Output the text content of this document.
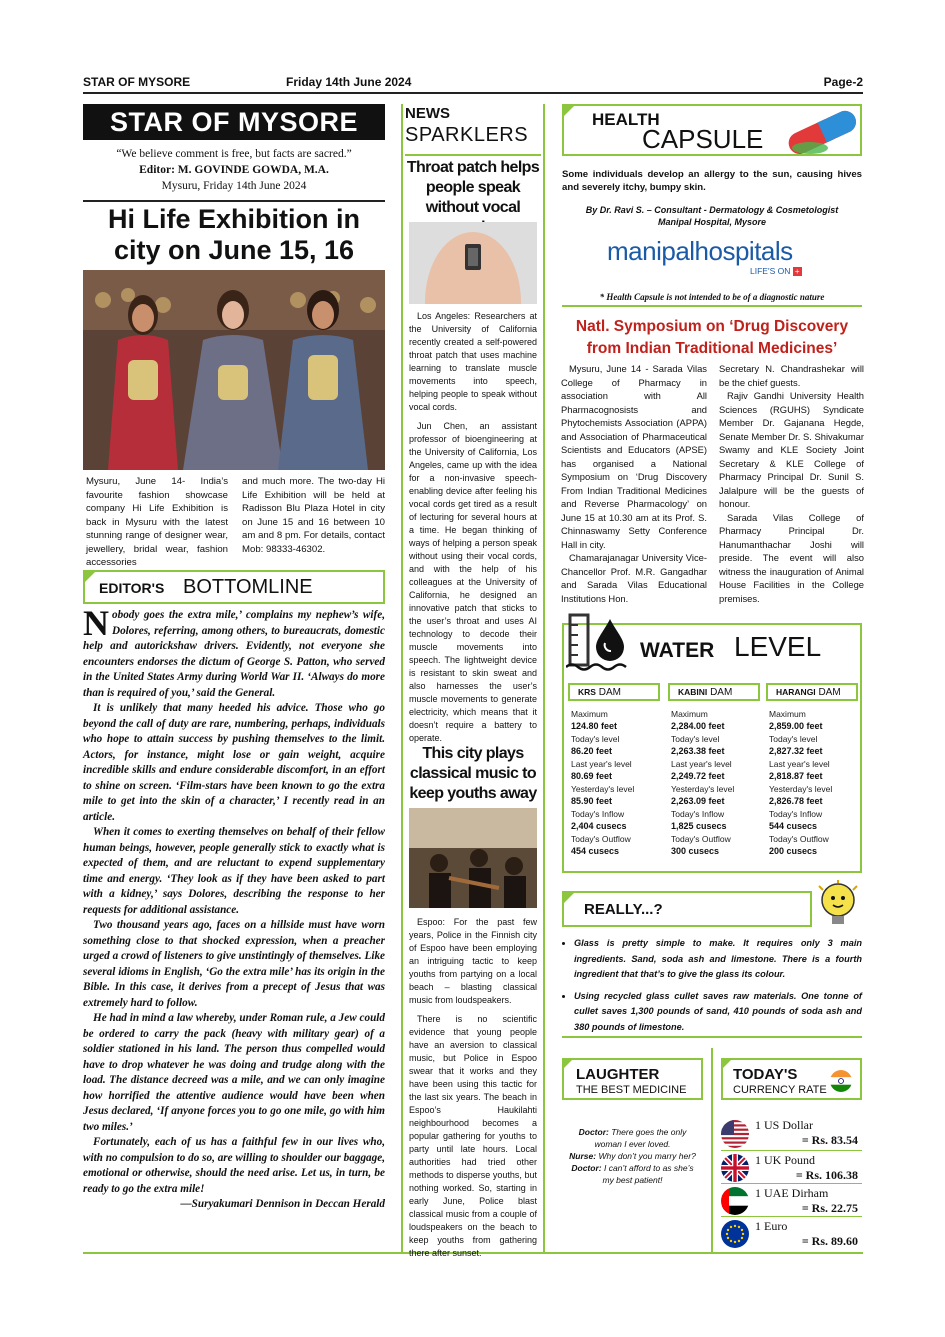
STAR OF MYSORE	Friday 14th June 2024	Page-2
STAR OF MYSORE
“We believe comment is free, but facts are sacred.”
Editor: M. GOVINDE GOWDA, M.A.
Mysuru, Friday 14th June 2024
Hi Life Exhibition in city on June 15, 16

Mysuru, June 14- India’s favourite fashion showcase company Hi Life Exhibition is back in Mysuru with the latest stunning range of designer wear, jewellery, bridal wear, fashion accessories

and much more. The two-day Hi Life Exhibition will be held at Radisson Blu Plaza Hotel in city on June 15 and 16 between 10 am and 8 pm. For details, contact Mob: 98333-46302.

EDITOR'S BOTTOMLINE

Nobody goes the extra mile,’ complains my nephew’s wife, Dolores, referring, among others, to bureaucrats, domestic help and autorickshaw drivers. Evidently, not everyone she encounters endorses the dictum of George S. Patton, who served in the United States Army during World War II. ‘Always do more than is required of you,’ said the General.

It is unlikely that many heeded his advice. Those who go beyond the call of duty are rare, numbering, perhaps, individuals who hope to attain success by pushing themselves to the limit. Actors, for instance, might lose or gain weight, acquire incredible skills and endure considerable discomfort, in an effort to shine on screen. ‘Film-stars have been known to go the extra mile to get into the skin of a character,’ I recently read in an article.

When it comes to exerting themselves on behalf of their fellow human beings, however, people generally stick to exactly what is expected of them, and are reluctant to expend supplementary time and energy. ‘They look as if they have been asked to part with a kidney,’ says Dolores, describing the response to her requests for additional assistance.

Two thousand years ago, faces on a hillside must have worn something close to that shocked expression, when a preacher urged a crowd of listeners to give unstintingly of themselves. Like several idioms in English, ‘Go the extra mile’ has its origin in the Bible. In this case, it derives from a precept of Jesus that was extremely hard to follow.

He had in mind a law whereby, under Roman rule, a Jew could be ordered to carry the pack (heavy with military gear) of a soldier stationed in his land. The person thus compelled would have to drop whatever he was doing and trudge along with the load. The distance decreed was a mile, and we can only imagine how horrified the attentive audience would have been when Jesus declared, ‘If anyone forces you to go one mile, go with him two miles.’

Fortunately, each of us has a faithful few in our lives who, with no compulsion to do so, are willing to shoulder our baggage, emotional or otherwise, should the need arise. Let us, in turn, be ready to go the extra mile!

—Suryakumari Dennison in Deccan Herald

NEWS
SPARKLERS
Throat patch helps people speak without vocal

Los Angeles: Researchers at the University of California recently created a self-powered throat patch that uses machine learning to translate muscle movements into speech, helping people to speak without vocal cords.

Jun Chen, an assistant professor of bioengineering at the University of California, Los Angeles, came up with the idea for a non-invasive speech-enabling device after feeling his vocal cords get tired as a result of lecturing for several hours at a time. He began thinking of ways of helping a person speak without using their vocal cords, and with the help of his colleagues at the University of California, he designed an innovative patch that sticks to the user’s throat and uses AI technology to decode their muscle movements into speech. The lightweight device is resistant to skin sweat and also harnesses the user’s muscle movements to generate electricity, which means that it doesn’t require a battery to operate.

This city plays classical music to keep youths away

Espoo: For the past few years, Police in the Finnish city of Espoo have been employing an intriguing tactic to keep youths from partying on a local beach – blasting classical music from loudspeakers.

There is no scientific evidence that young people have an aversion to classical music, but Police in Espoo swear that it works and they have been using this tactic for the last six years. The beach in Espoo’s Haukilahti neighbourhood becomes a popular gathering for youths to party until late hours. Local authorities had tried other methods to disperse youths, but nothing worked. So, starting in early June, Police blast classical music from a couple of loudspeakers on the beach to keep youths from gathering there after sunset.

HEALTH
CAPSULE

Some individuals develop an allergy to the sun, causing hives and severely itchy, bumpy skin.

By Dr. Ravi S. – Consultant - Dermatology & Cosmetologist
Manipal Hospital, Mysore
manipalhospitals
LIFE'S ON +
* Health Capsule is not intended to be of a diagnostic nature
Natl. Symposium on ‘Drug Discovery from Indian Traditional Medicines’

Mysuru, June 14 - Sarada Vilas College of Pharmacy in association with All Pharmacognosists and Phytochemists Association (APPA) and Association of Pharmaceutical Scientists and Educators (APSE) has organised a National Symposium on ‘Drug Discovery From Indian Traditional Medicines and Reverse Pharmacology’ on June 15 at 10.30 am at its Prof. S. Chinnaswamy Setty Conference Hall in city.

Chamarajanagar University Vice-Chancellor Prof. M.R. Gangadhar and Sarada Vilas Educational Institutions Hon.

Secretary N. Chandrashekar will be the chief guests.

Rajiv Gandhi University Health Sciences (RGUHS) Syndicate Member Dr. Gajanana Hegde, Senate Member Dr. S. Shivakumar Swamy and KLE Society Joint Secretary & KLE College of Pharmacy Principal Dr. Sunil S. Jalalpure will be the guests of honour.

Sarada Vilas College of Pharmacy Principal Dr. Hanumanthachar Joshi will preside. The event will also witness the inauguration of Animal House Facilities in the College premises.

WATER LEVEL
KRS DAM
Maximum
124.80 feet
Today's level
86.20 feet
Last year's level
80.69 feet
Yesterday's level
85.90 feet
Today's Inflow
2,404 cusecs
Today's Outflow
454 cusecs
KABINI DAM
Maximum
2,284.00 feet
Today's level
2,263.38 feet
Last year's level
2,249.72 feet
Yesterday's level
2,263.09 feet
Today's Inflow
1,825 cusecs
Today's Outflow
300 cusecs
HARANGI DAM
Maximum
2,859.00 feet
Today's level
2,827.32 feet
Last year's level
2,818.87 feet
Yesterday's level
2,826.78 feet
Today's Inflow
544 cusecs
Today's Outflow
200 cusecs
REALLY...?
• Glass is pretty simple to make. It requires only 3 main ingredients. Sand, soda ash and limestone. There is a fourth ingredient that that’s to give the glass its colour.
• Using recycled glass cullet saves raw materials. One tonne of cullet saves 1,300 pounds of sand, 410 pounds of soda ash and 380 pounds of limestone.
LAUGHTER
THE BEST MEDICINE

Doctor: There goes the only woman I ever loved.

Nurse: Why don’t you marry her?

Doctor: I can’t afford to as she’s my best patient!

TODAY'S
CURRENCY RATE
1 US Dollar
= Rs. 83.54
1 UK Pound
= Rs. 106.38
1 UAE Dirham
= Rs. 22.75
1 Euro
= Rs. 89.60
